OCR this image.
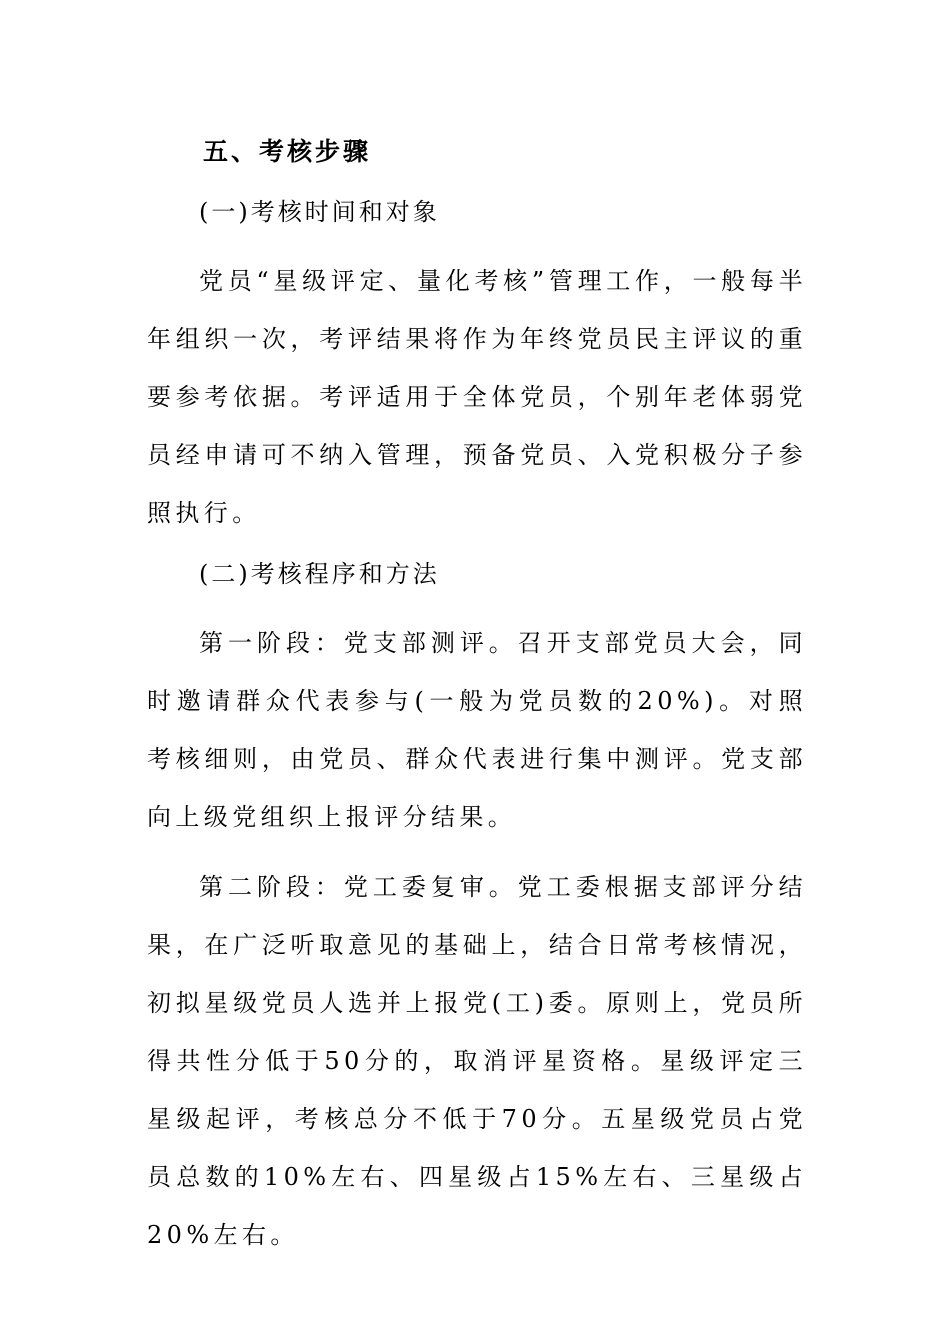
五、考核步骤
(一)考核时间和对象

党员“星级评定、量化考核”管理工作，一般每半年组织一次，考评结果将作为年终党员民主评议的重要参考依据。考评适用于全体党员，个别年老体弱党员经申请可不纳入管理，预备党员、入党积极分子参照执行。

(二)考核程序和方法

第一阶段：党支部测评。召开支部党员大会，同时邀请群众代表参与(一般为党员数的20%)。对照考核细则，由党员、群众代表进行集中测评。党支部向上级党组织上报评分结果。

第二阶段：党工委复审。党工委根据支部评分结果，在广泛听取意见的基础上，结合日常考核情况，初拟星级党员人选并上报党(工)委。原则上，党员所得共性分低于50分的，取消评星资格。星级评定三星级起评，考核总分不低于70分。五星级党员占党员总数的10%左右、四星级占15%左右、三星级占20%左右。
